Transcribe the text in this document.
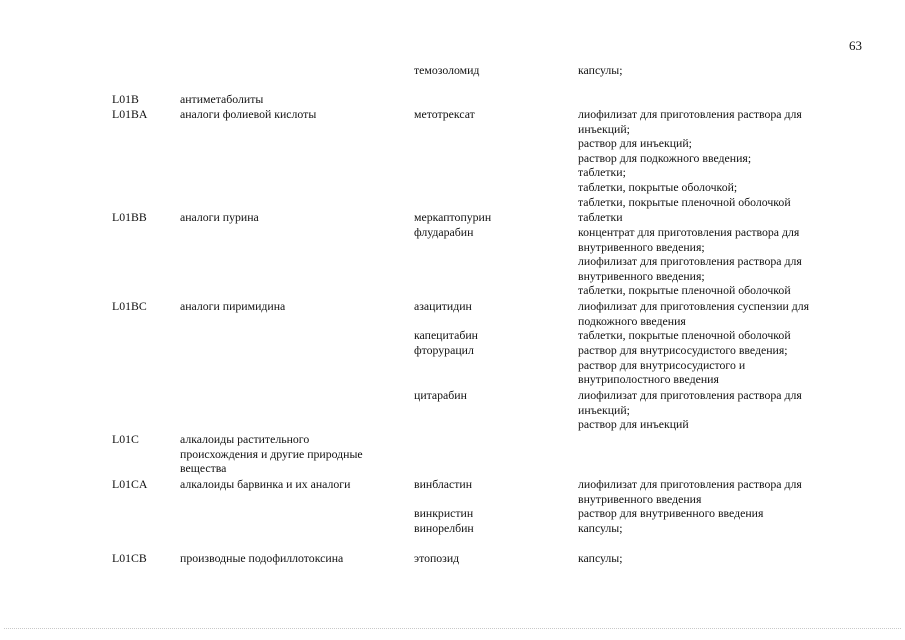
63
темозоломид	капсулы;
L01B	антиметаболиты
L01BA	аналоги фолиевой кислоты	метотрексат	лиофилизат для приготовления раствора для
инъекций;
раствор для инъекций;
раствор для подкожного введения;
таблетки;
таблетки, покрытые оболочкой;
таблетки, покрытые пленочной оболочкой
L01BB	аналоги пурина	меркаптопурин	таблетки
флударабин	концентрат для приготовления раствора для
внутривенного введения;
лиофилизат для приготовления раствора для
внутривенного введения;
таблетки, покрытые пленочной оболочкой
L01BC	аналоги пиримидина	азацитидин	лиофилизат для приготовления суспензии для
подкожного введения
капецитабин	таблетки, покрытые пленочной оболочкой
фторурацил	раствор для внутрисосудистого введения;
раствор для внутрисосудистого и
внутриполостного введения
цитарабин	лиофилизат для приготовления раствора для
инъекций;
раствор для инъекций
L01C	алкалоиды растительного
происхождения и другие природные
вещества
L01CA	алкалоиды барвинка и их аналоги	винбластин	лиофилизат для приготовления раствора для
внутривенного введения
винкристин	раствор для внутривенного введения
винорелбин	капсулы;
L01CB	производные подофиллотоксина	этопозид	капсулы;
